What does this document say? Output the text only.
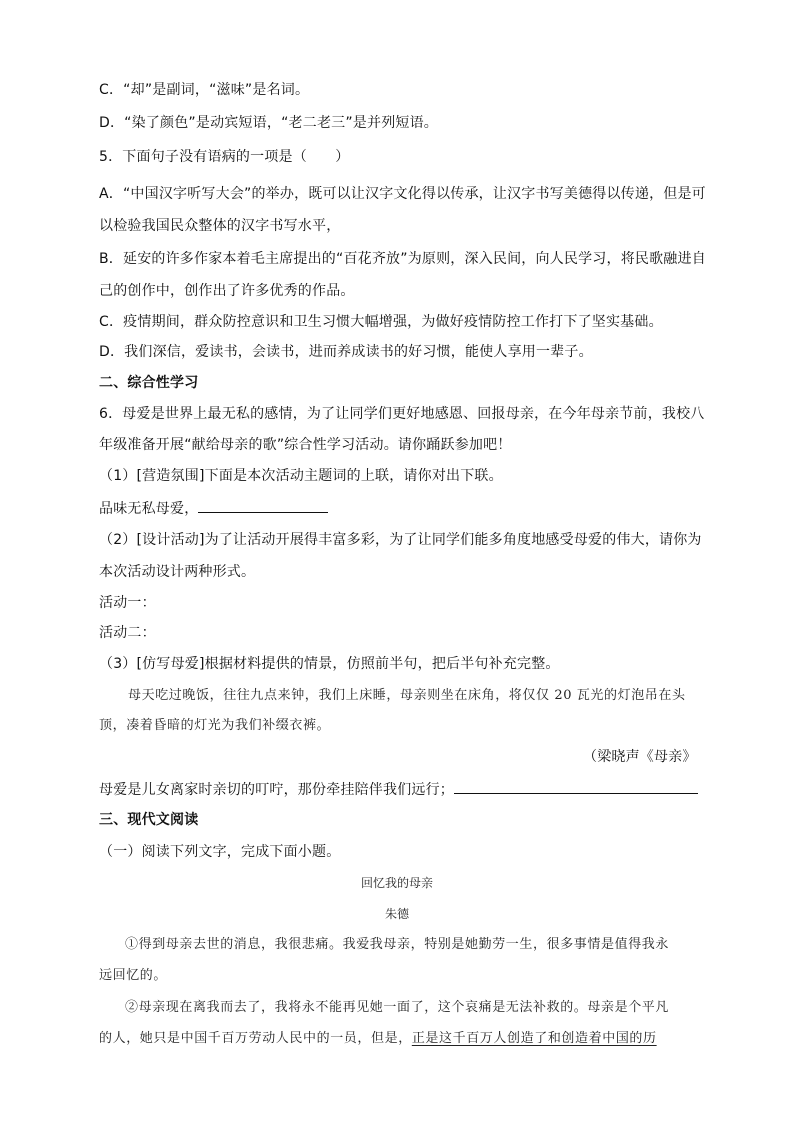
C．“却”是副词，“滋味”是名词。
D．“染了颜色”是动宾短语，“老二老三”是并列短语。
5．下面句子没有语病的一项是（　　）
A．“中国汉字听写大会”的举办，既可以让汉字文化得以传承，让汉字书写美德得以传递，但是可
以检验我国民众整体的汉字书写水平，
B．延安的许多作家本着毛主席提出的“百花齐放”为原则，深入民间，向人民学习，将民歌融进自
己的创作中，创作出了许多优秀的作品。
C．疫情期间，群众防控意识和卫生习惯大幅增强，为做好疫情防控工作打下了坚实基础。
D．我们深信，爱读书，会读书，进而养成读书的好习惯，能使人享用一辈子。
二、综合性学习
6．母爱是世界上最无私的感情，为了让同学们更好地感恩、回报母亲，在今年母亲节前，我校八
年级准备开展“献给母亲的歌”综合性学习活动。请你踊跃参加吧！
（1）[营造氛围]下面是本次活动主题词的上联，请你对出下联。
品味无私母爱，
（2）[设计活动]为了让活动开展得丰富多彩，为了让同学们能多角度地感受母爱的伟大，请你为
本次活动设计两种形式。
活动一：
活动二：
（3）[仿写母爱]根据材料提供的情景，仿照前半句，把后半句补充完整。
母天吃过晚饭，往往九点来钟，我们上床睡，母亲则坐在床角，将仅仅 20 瓦光的灯泡吊在头
顶，凑着昏暗的灯光为我们补缀衣裤。
（梁晓声《母亲》
母爱是儿女离家时亲切的叮咛，那份牵挂陪伴我们远行；
三、现代文阅读
（一）阅读下列文字，完成下面小题。
回忆我的母亲
朱德
①得到母亲去世的消息，我很悲痛。我爱我母亲，特别是她勤劳一生，很多事情是值得我永
远回忆的。
②母亲现在离我而去了，我将永不能再见她一面了，这个哀痛是无法补救的。母亲是个平凡
的人，她只是中国千百万劳动人民中的一员，但是，正是这千百万人创造了和创造着中国的历
